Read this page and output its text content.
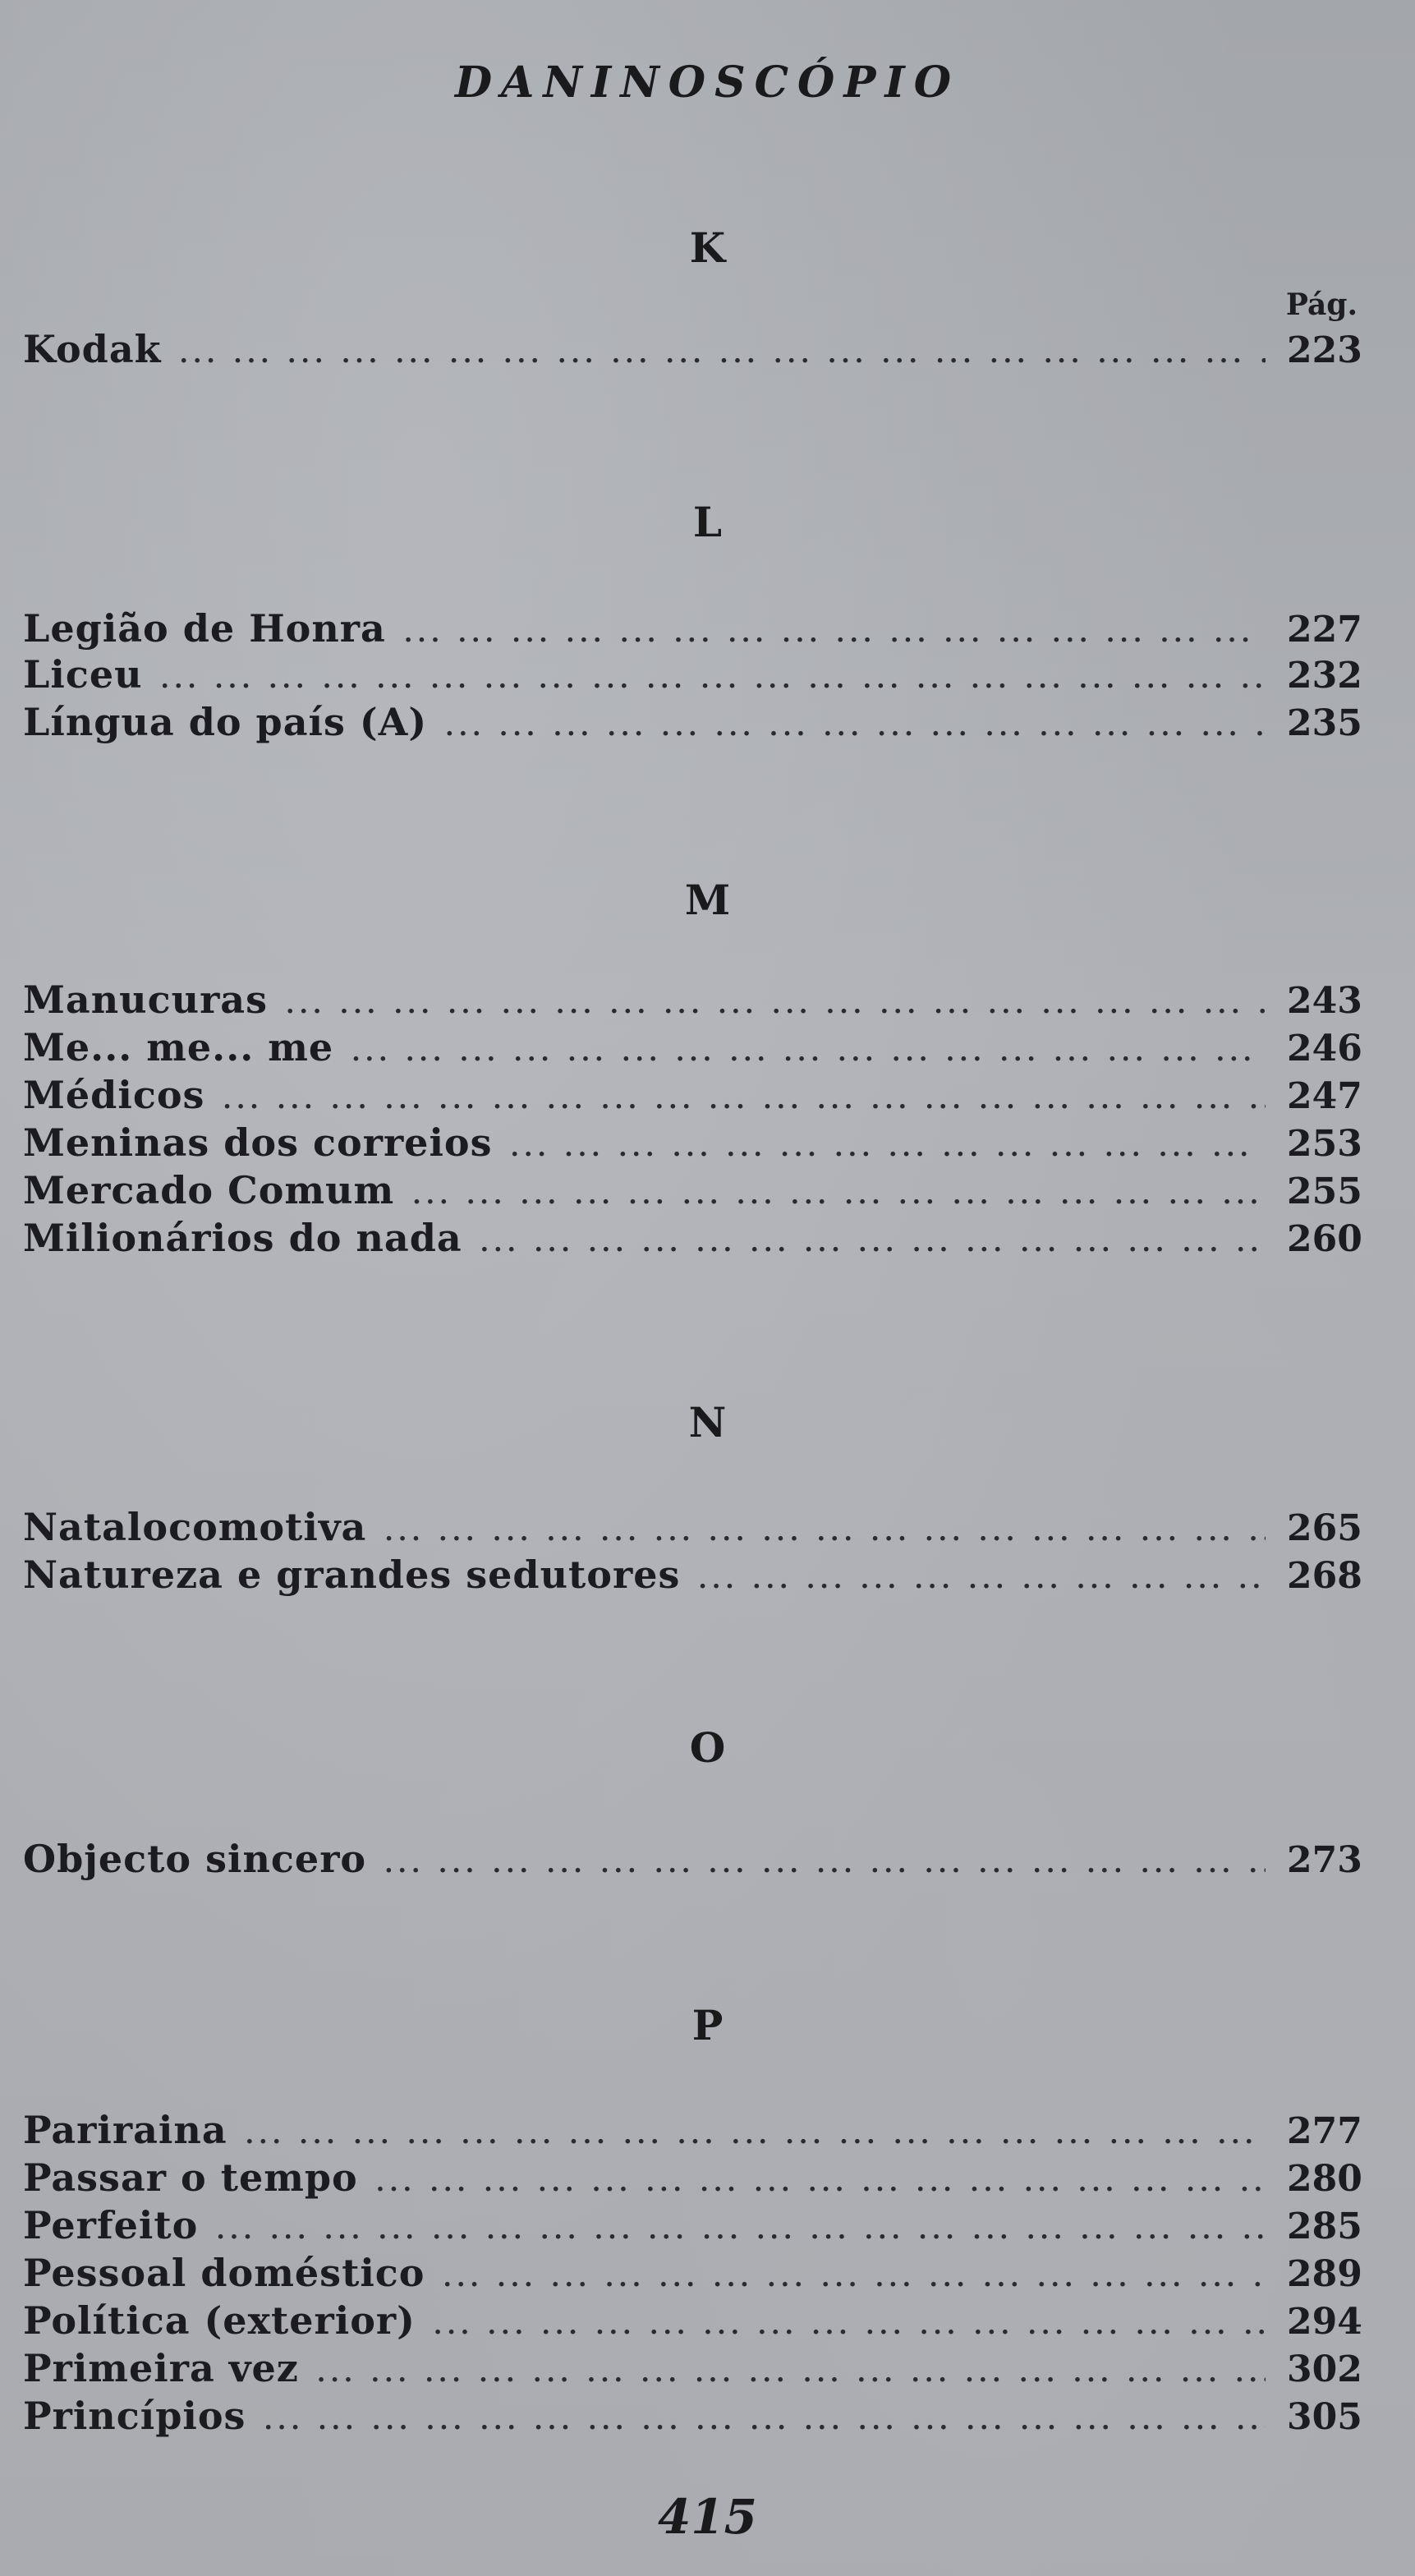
DANINOSCÓPIO
K
Pág.
Kodak ... .	223
L
Legião de Honra ... .	227
Liceu ... .	232
Língua do país (A) ... .	235
M
Manucuras ... .	243
Me... me... me ... .	246
Médicos ... .	247
Meninas dos correios ... .	253
Mercado Comum ... .	255
Milionários do nada ... .	260
N
Natalocomotiva ... .	265
Natureza e grandes sedutores ... .	268
O
Objecto sincero ... .	273
P
Pariraina ... .	277
Passar o tempo ... .	280
Perfeito ... .	285
Pessoal doméstico ... .	289
Política (exterior) ... .	294
Primeira vez ... .	302
Princípios ... .	305
415
